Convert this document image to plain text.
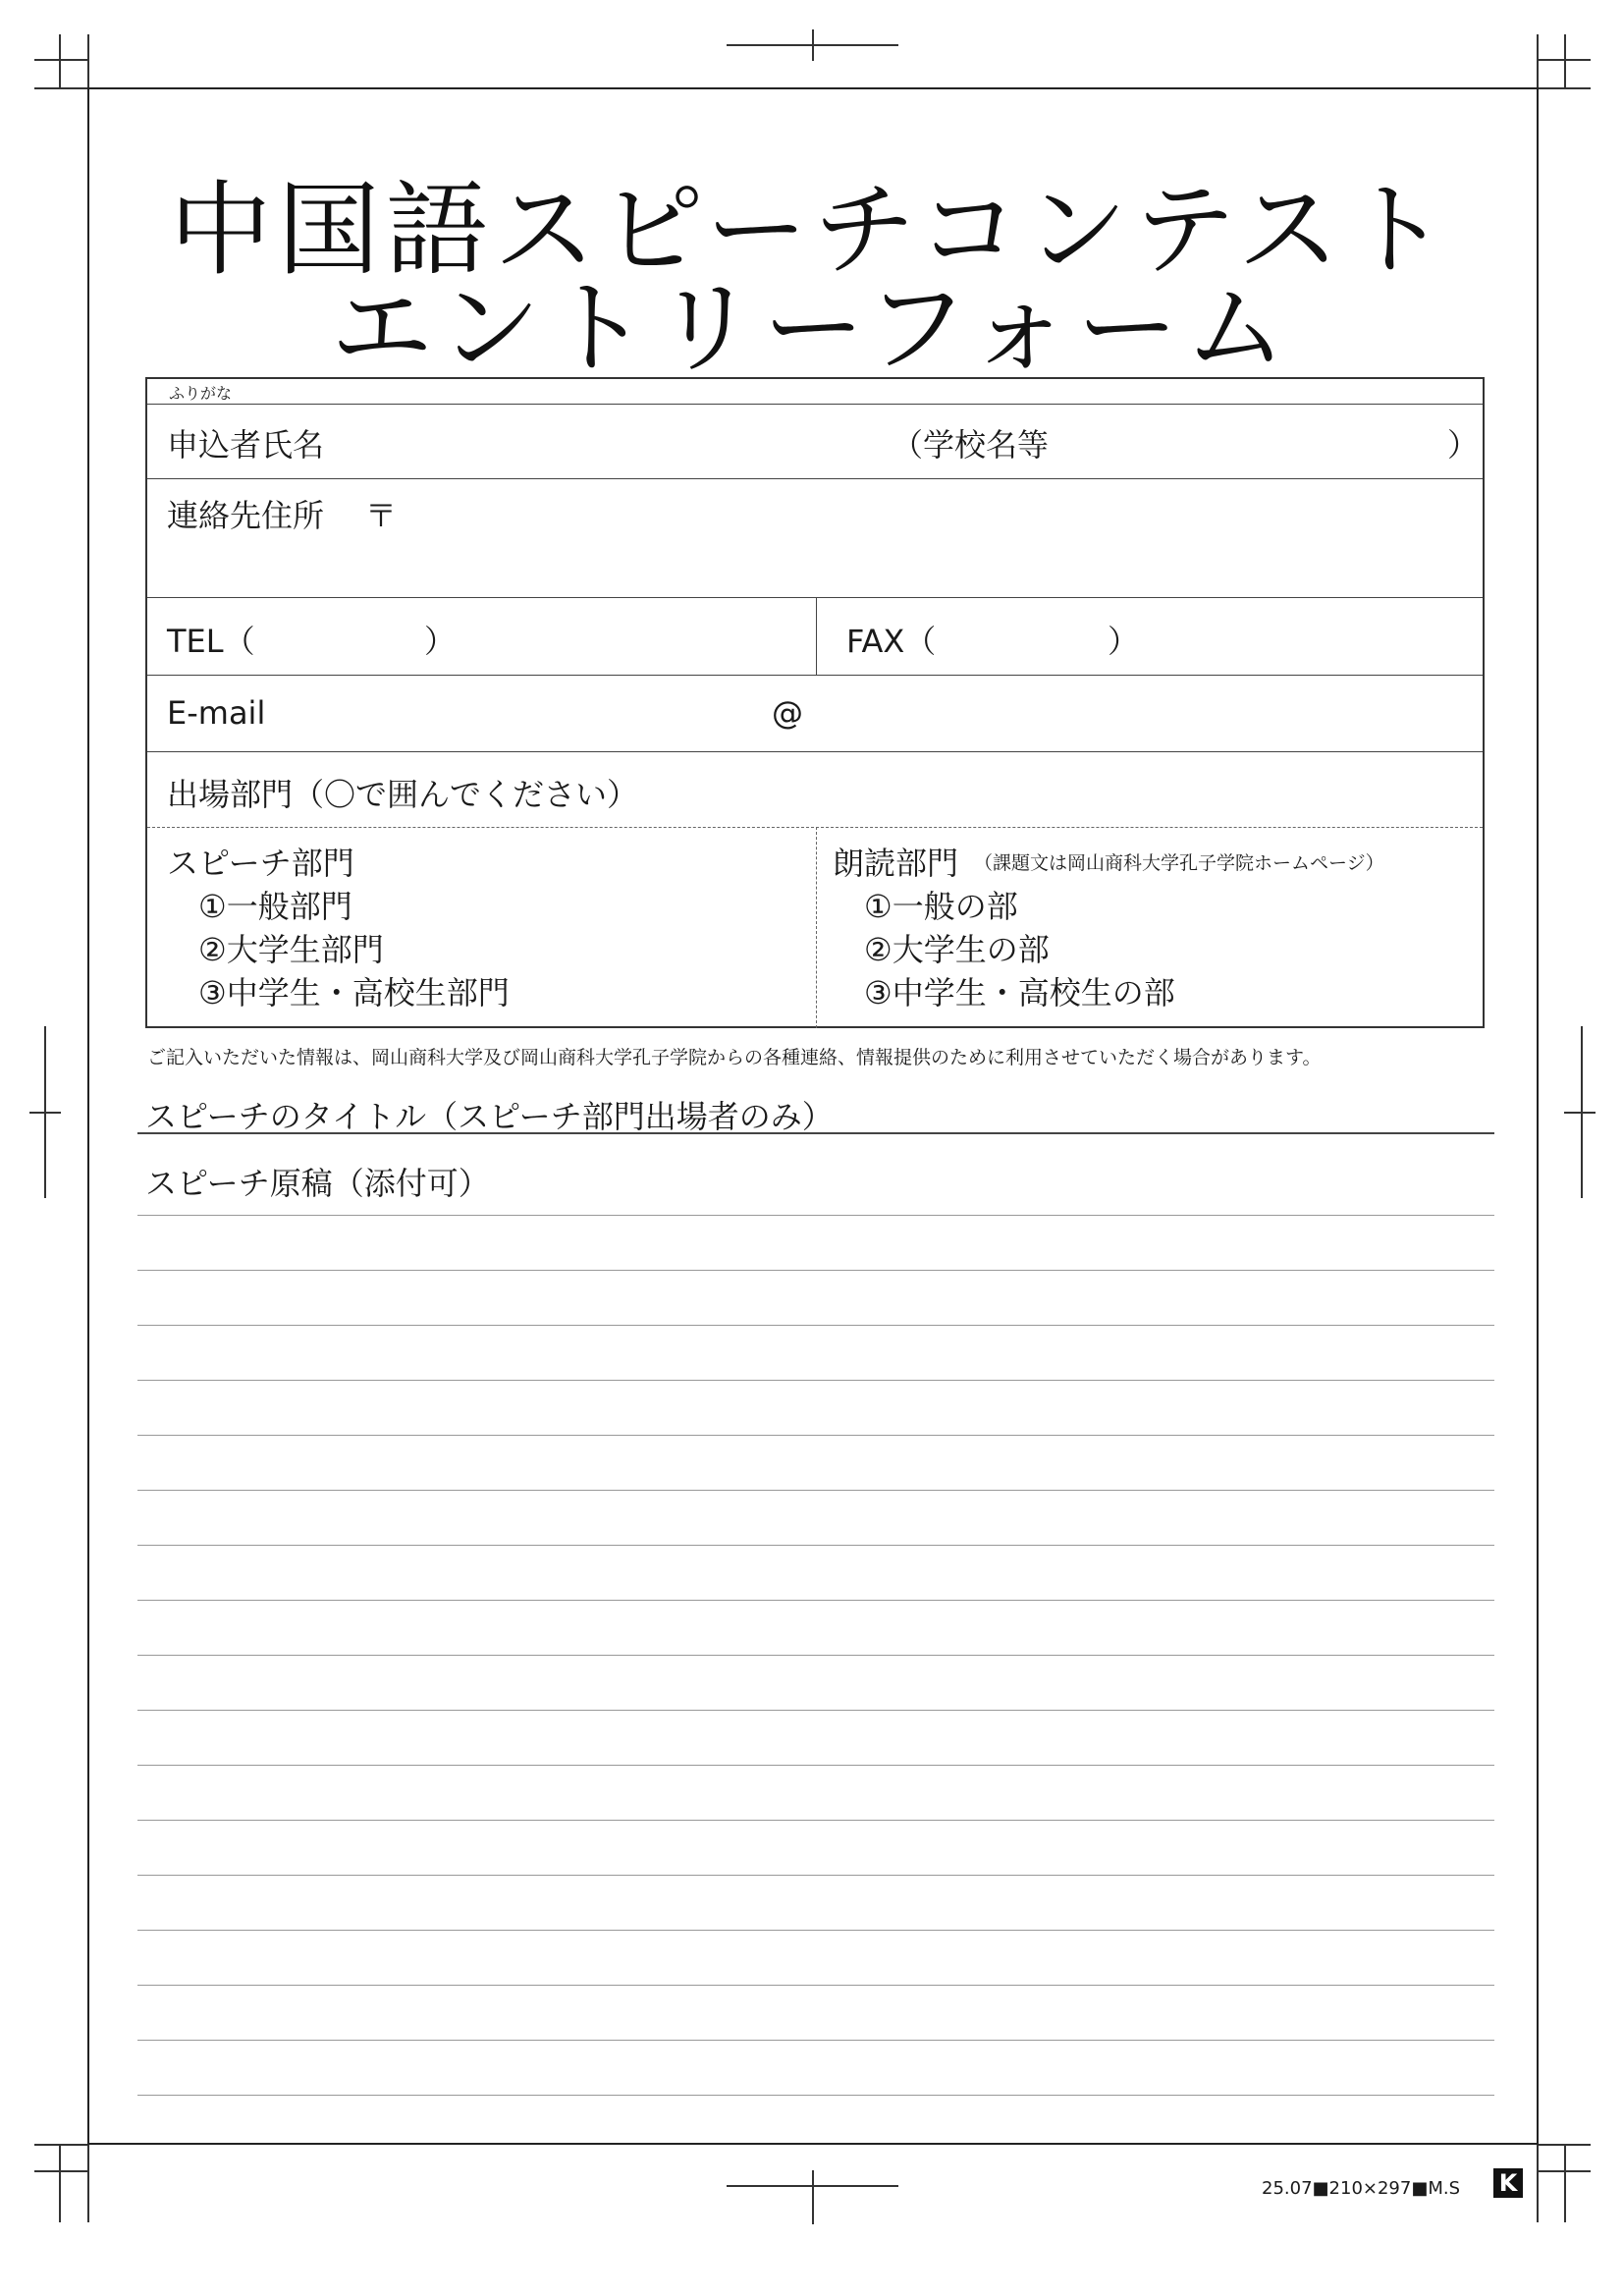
中国語スピーチコンテスト
エントリーフォーム
ふりがな
申込者氏名	（学校名等	）
連絡先住所 〒
TEL（	）	FAX（	）
E-mail	@
出場部門（〇で囲んでください）
スピーチ部門
①一般部門
②大学生部門
③中学生・高校生部門
朗読部門 （課題文は岡山商科大学孔子学院ホームページ）
①一般の部
②大学生の部
③中学生・高校生の部
ご記入いただいた情報は、岡山商科大学及び岡山商科大学孔子学院からの各種連絡、情報提供のために利用させていただく場合があります。
スピーチのタイトル（スピーチ部門出場者のみ）
スピーチ原稿（添付可）
25.07■210×297■M.S K
